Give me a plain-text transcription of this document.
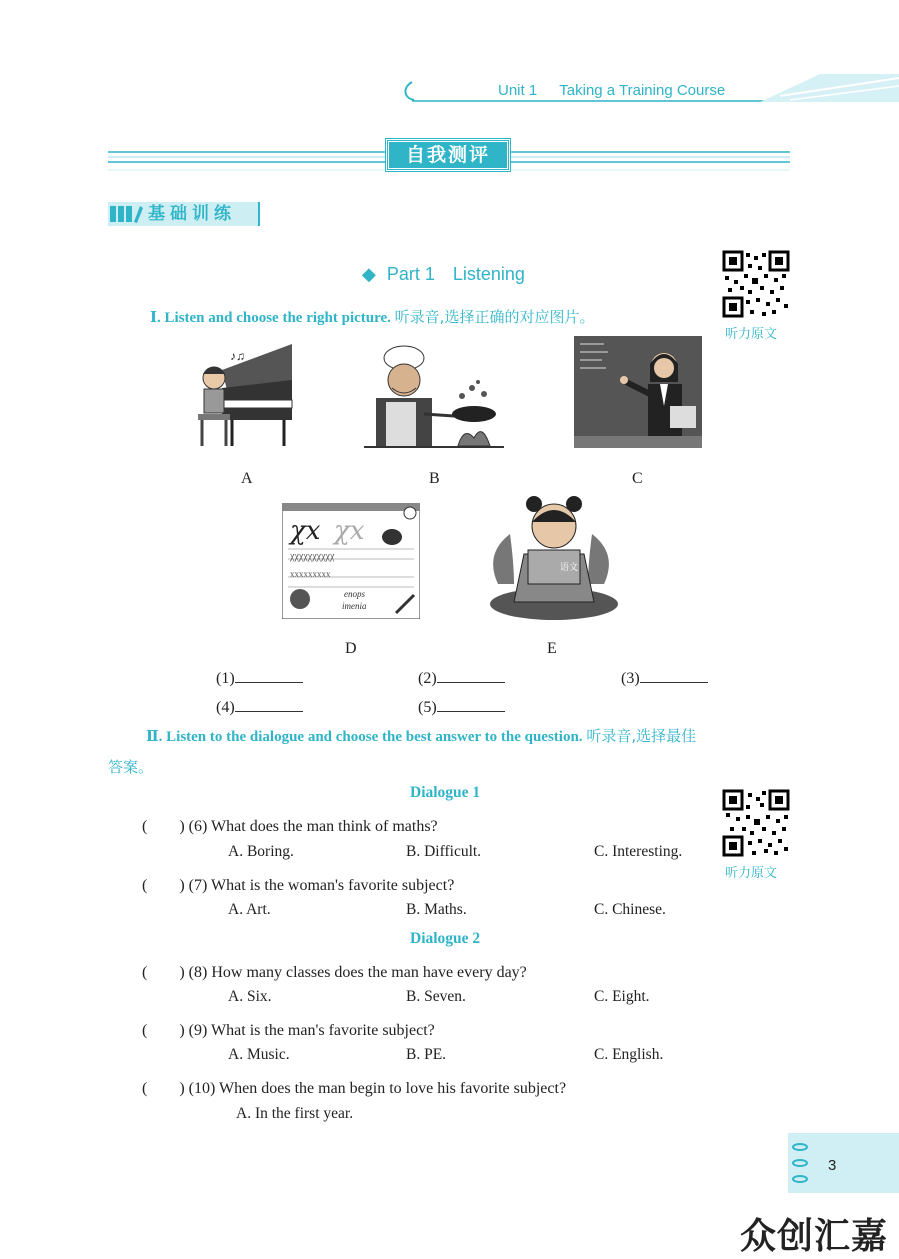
Unit 1 Taking a Training Course
自我测评
基础训练
◆ Part 1　Listening
听力原文
Ⅰ. Listen and choose the right picture. 听录音,选择正确的对应图片。
♪♫
A	B	C
χx χx
χχχχχχχχχχ
xxxxxxxxx
enops
imenia
语文
D	E
(1)	(2)	(3)
(4)	(5)
Ⅱ. Listen to the dialogue and choose the best answer to the question. 听录音,选择最佳
答案。
Dialogue 1
听力原文
(　　) (6) What does the man think of maths?
A. Boring.	B. Difficult.	C. Interesting.
(　　) (7) What is the woman's favorite subject?
A. Art.	B. Maths.	C. Chinese.
Dialogue 2
(　　) (8) How many classes does the man have every day?
A. Six.	B. Seven.	C. Eight.
(　　) (9) What is the man's favorite subject?
A. Music.	B. PE.	C. English.
(　　) (10) When does the man begin to love his favorite subject?
A. In the first year.
3
众创汇嘉
